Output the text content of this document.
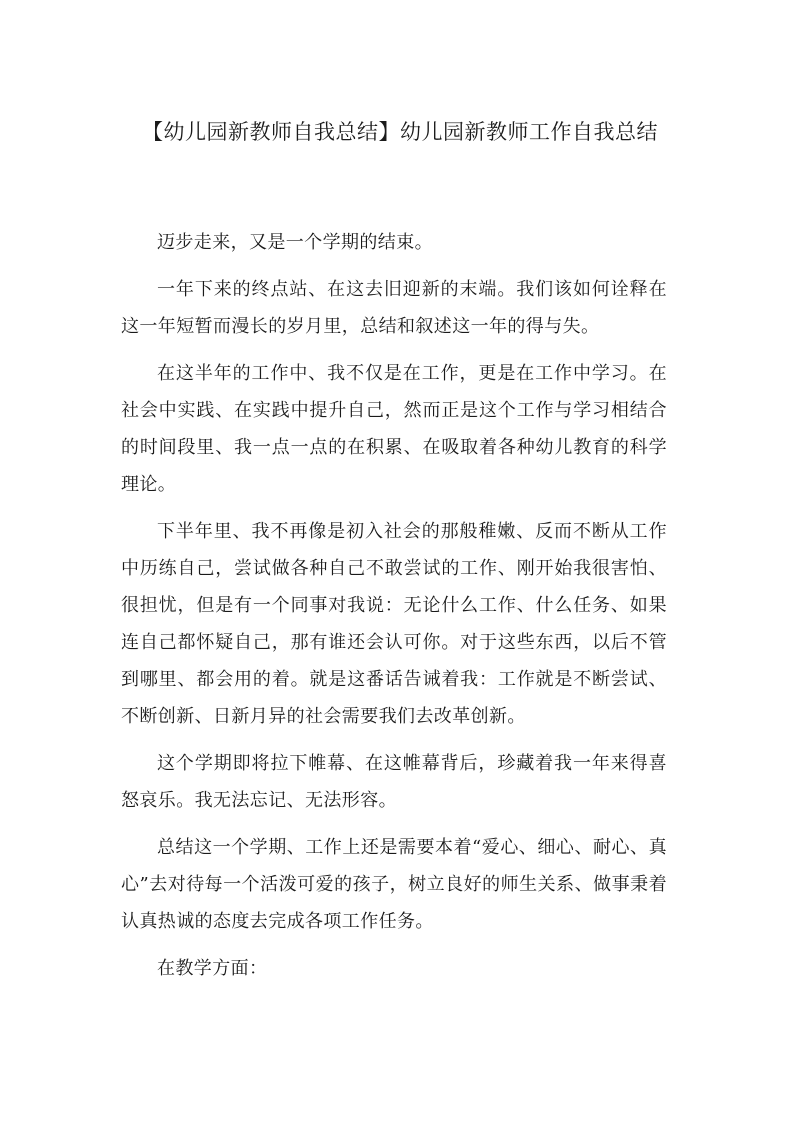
【幼儿园新教师自我总结】幼儿园新教师工作自我总结

迈步走来，又是一个学期的结束。

一年下来的终点站、在这去旧迎新的末端。我们该如何诠释在这一年短暂而漫长的岁月里，总结和叙述这一年的得与失。

在这半年的工作中、我不仅是在工作，更是在工作中学习。在社会中实践、在实践中提升自己，然而正是这个工作与学习相结合的时间段里、我一点一点的在积累、在吸取着各种幼儿教育的科学理论。

下半年里、我不再像是初入社会的那般稚嫩、反而不断从工作中历练自己，尝试做各种自己不敢尝试的工作、刚开始我很害怕、很担忧，但是有一个同事对我说：无论什么工作、什么任务、如果连自己都怀疑自己，那有谁还会认可你。对于这些东西，以后不管到哪里、都会用的着。就是这番话告诫着我：工作就是不断尝试、不断创新、日新月异的社会需要我们去改革创新。

这个学期即将拉下帷幕、在这帷幕背后，珍藏着我一年来得喜怒哀乐。我无法忘记、无法形容。

总结这一个学期、工作上还是需要本着“爱心、细心、耐心、真心”去对待每一个活泼可爱的孩子，树立良好的师生关系、做事秉着认真热诚的态度去完成各项工作任务。

在教学方面：
